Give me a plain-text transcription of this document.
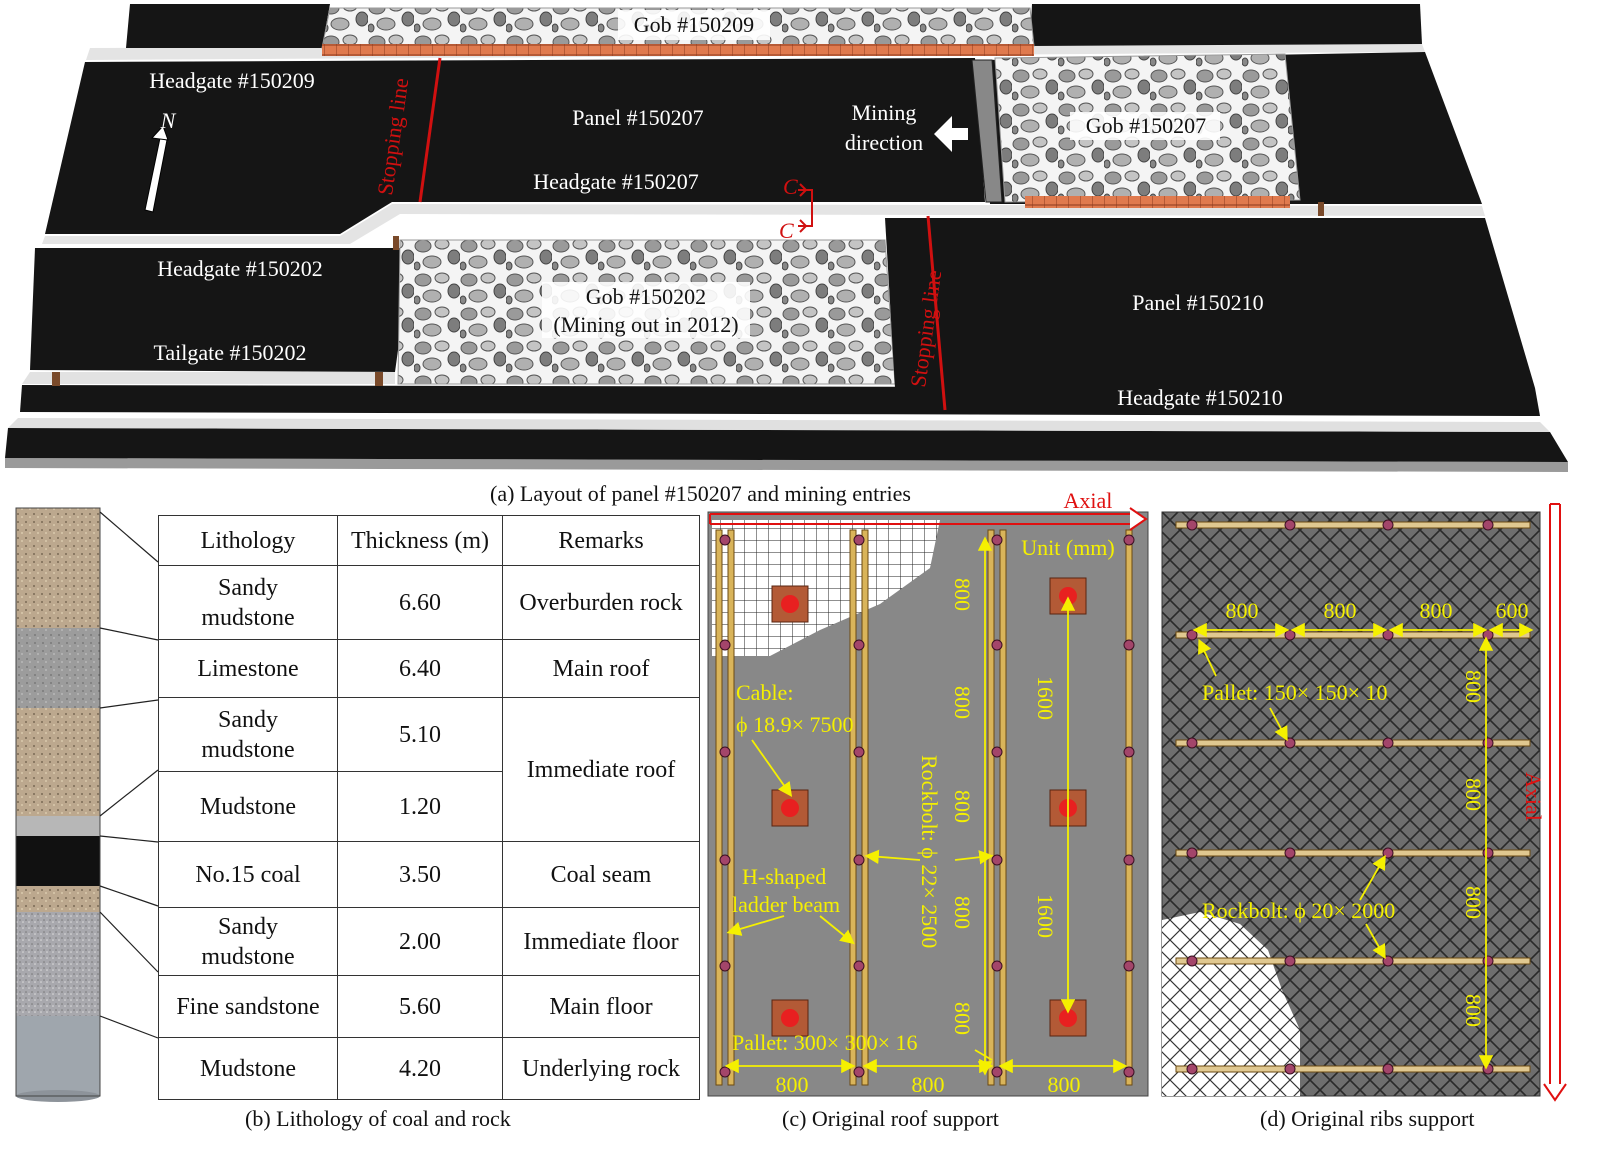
Gob #150209
Headgate #150209
Panel #150207	Mining
direction
Gob #150207
Headgate #150207
N
C
C
Headgate #150202
Gob #150202
(Mining out in 2012)
Tailgate #150202
Panel #150210
Headgate #150210
Stopping line
Stopping line
Unit (mm)
Cable:
ϕ 18.9× 7500
H-shaped
ladder beam
Pallet: 300× 300× 16
Rockbolt: ϕ 22× 2500
800
800
800
800
800
1600
1600
800	800	800
Axial
800	800	800 600
Pallet: 150× 150× 10
Rockbolt: ϕ 20× 2000
800
800
800
800
Axial
Lithology	Thickness (m)	Remarks
Sandy
mudstone	6.60	Overburden rock
Limestone	6.40	Main roof
Sandy
mudstone	5.10	Immediate roof
Mudstone	1.20	
No.15 coal	3.50	Coal seam
Sandy
mudstone	2.00	Immediate floor
Fine sandstone	5.60	Main floor
Mudstone	4.20	Underlying rock
(a) Layout of panel #150207 and mining entries
(b) Lithology of coal and rock	(c) Original roof support	(d) Original ribs support
